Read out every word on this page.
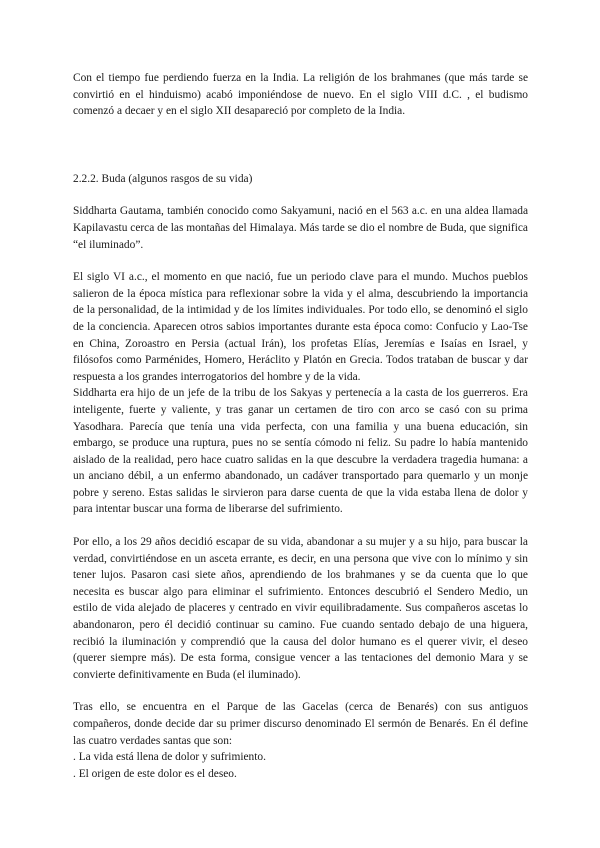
Con el tiempo fue perdiendo fuerza en la India. La religión de los brahmanes (que más tarde se convirtió en el hinduismo) acabó imponiéndose de nuevo. En el siglo VIII d.C. , el budismo comenzó a decaer y en el siglo XII desapareció por completo de la India.

2.2.2. Buda (algunos rasgos de su vida)

Siddharta Gautama, también conocido como Sakyamuni, nació en el 563 a.c. en una aldea llamada Kapilavastu cerca de las montañas del Himalaya. Más tarde se dio el nombre de Buda, que significa “el iluminado”.

El siglo VI a.c., el momento en que nació, fue un periodo clave para el mundo. Muchos pueblos salieron de la época mística para reflexionar sobre la vida y el alma, descubriendo la importancia de la personalidad, de la intimidad y de los límites individuales. Por todo ello, se denominó el siglo de la conciencia. Aparecen otros sabios importantes durante esta época como: Confucio y Lao-Tse en China, Zoroastro en Persia (actual Irán), los profetas Elías, Jeremías e Isaías en Israel, y filósofos como Parménides, Homero, Heráclito y Platón en Grecia. Todos trataban de buscar y dar respuesta a los grandes interrogatorios del hombre y de la vida.

Siddharta era hijo de un jefe de la tribu de los Sakyas y pertenecía a la casta de los guerreros. Era inteligente, fuerte y valiente, y tras ganar un certamen de tiro con arco se casó con su prima Yasodhara. Parecía que tenía una vida perfecta, con una familia y una buena educación, sin embargo, se produce una ruptura, pues no se sentía cómodo ni feliz. Su padre lo había mantenido aislado de la realidad, pero hace cuatro salidas en la que descubre la verdadera tragedia humana: a un anciano débil, a un enfermo abandonado, un cadáver transportado para quemarlo y un monje pobre y sereno. Estas salidas le sirvieron para darse cuenta de que la vida estaba llena de dolor y para intentar buscar una forma de liberarse del sufrimiento.

Por ello, a los 29 años decidió escapar de su vida, abandonar a su mujer y a su hijo, para buscar la verdad, convirtiéndose en un asceta errante, es decir, en una persona que vive con lo mínimo y sin tener lujos. Pasaron casi siete años, aprendiendo de los brahmanes y se da cuenta que lo que necesita es buscar algo para eliminar el sufrimiento. Entonces descubrió el Sendero Medio, un estilo de vida alejado de placeres y centrado en vivir equilibradamente. Sus compañeros ascetas lo abandonaron, pero él decidió continuar su camino. Fue cuando sentado debajo de una higuera, recibió la iluminación y comprendió que la causa del dolor humano es el querer vivir, el deseo (querer siempre más). De esta forma, consigue vencer a las tentaciones del demonio Mara y se convierte definitivamente en Buda (el iluminado).

Tras ello, se encuentra en el Parque de las Gacelas (cerca de Benarés) con sus antiguos compañeros, donde decide dar su primer discurso denominado El sermón de Benarés. En él define las cuatro verdades santas que son:

. La vida está llena de dolor y sufrimiento.

. El origen de este dolor es el deseo.
